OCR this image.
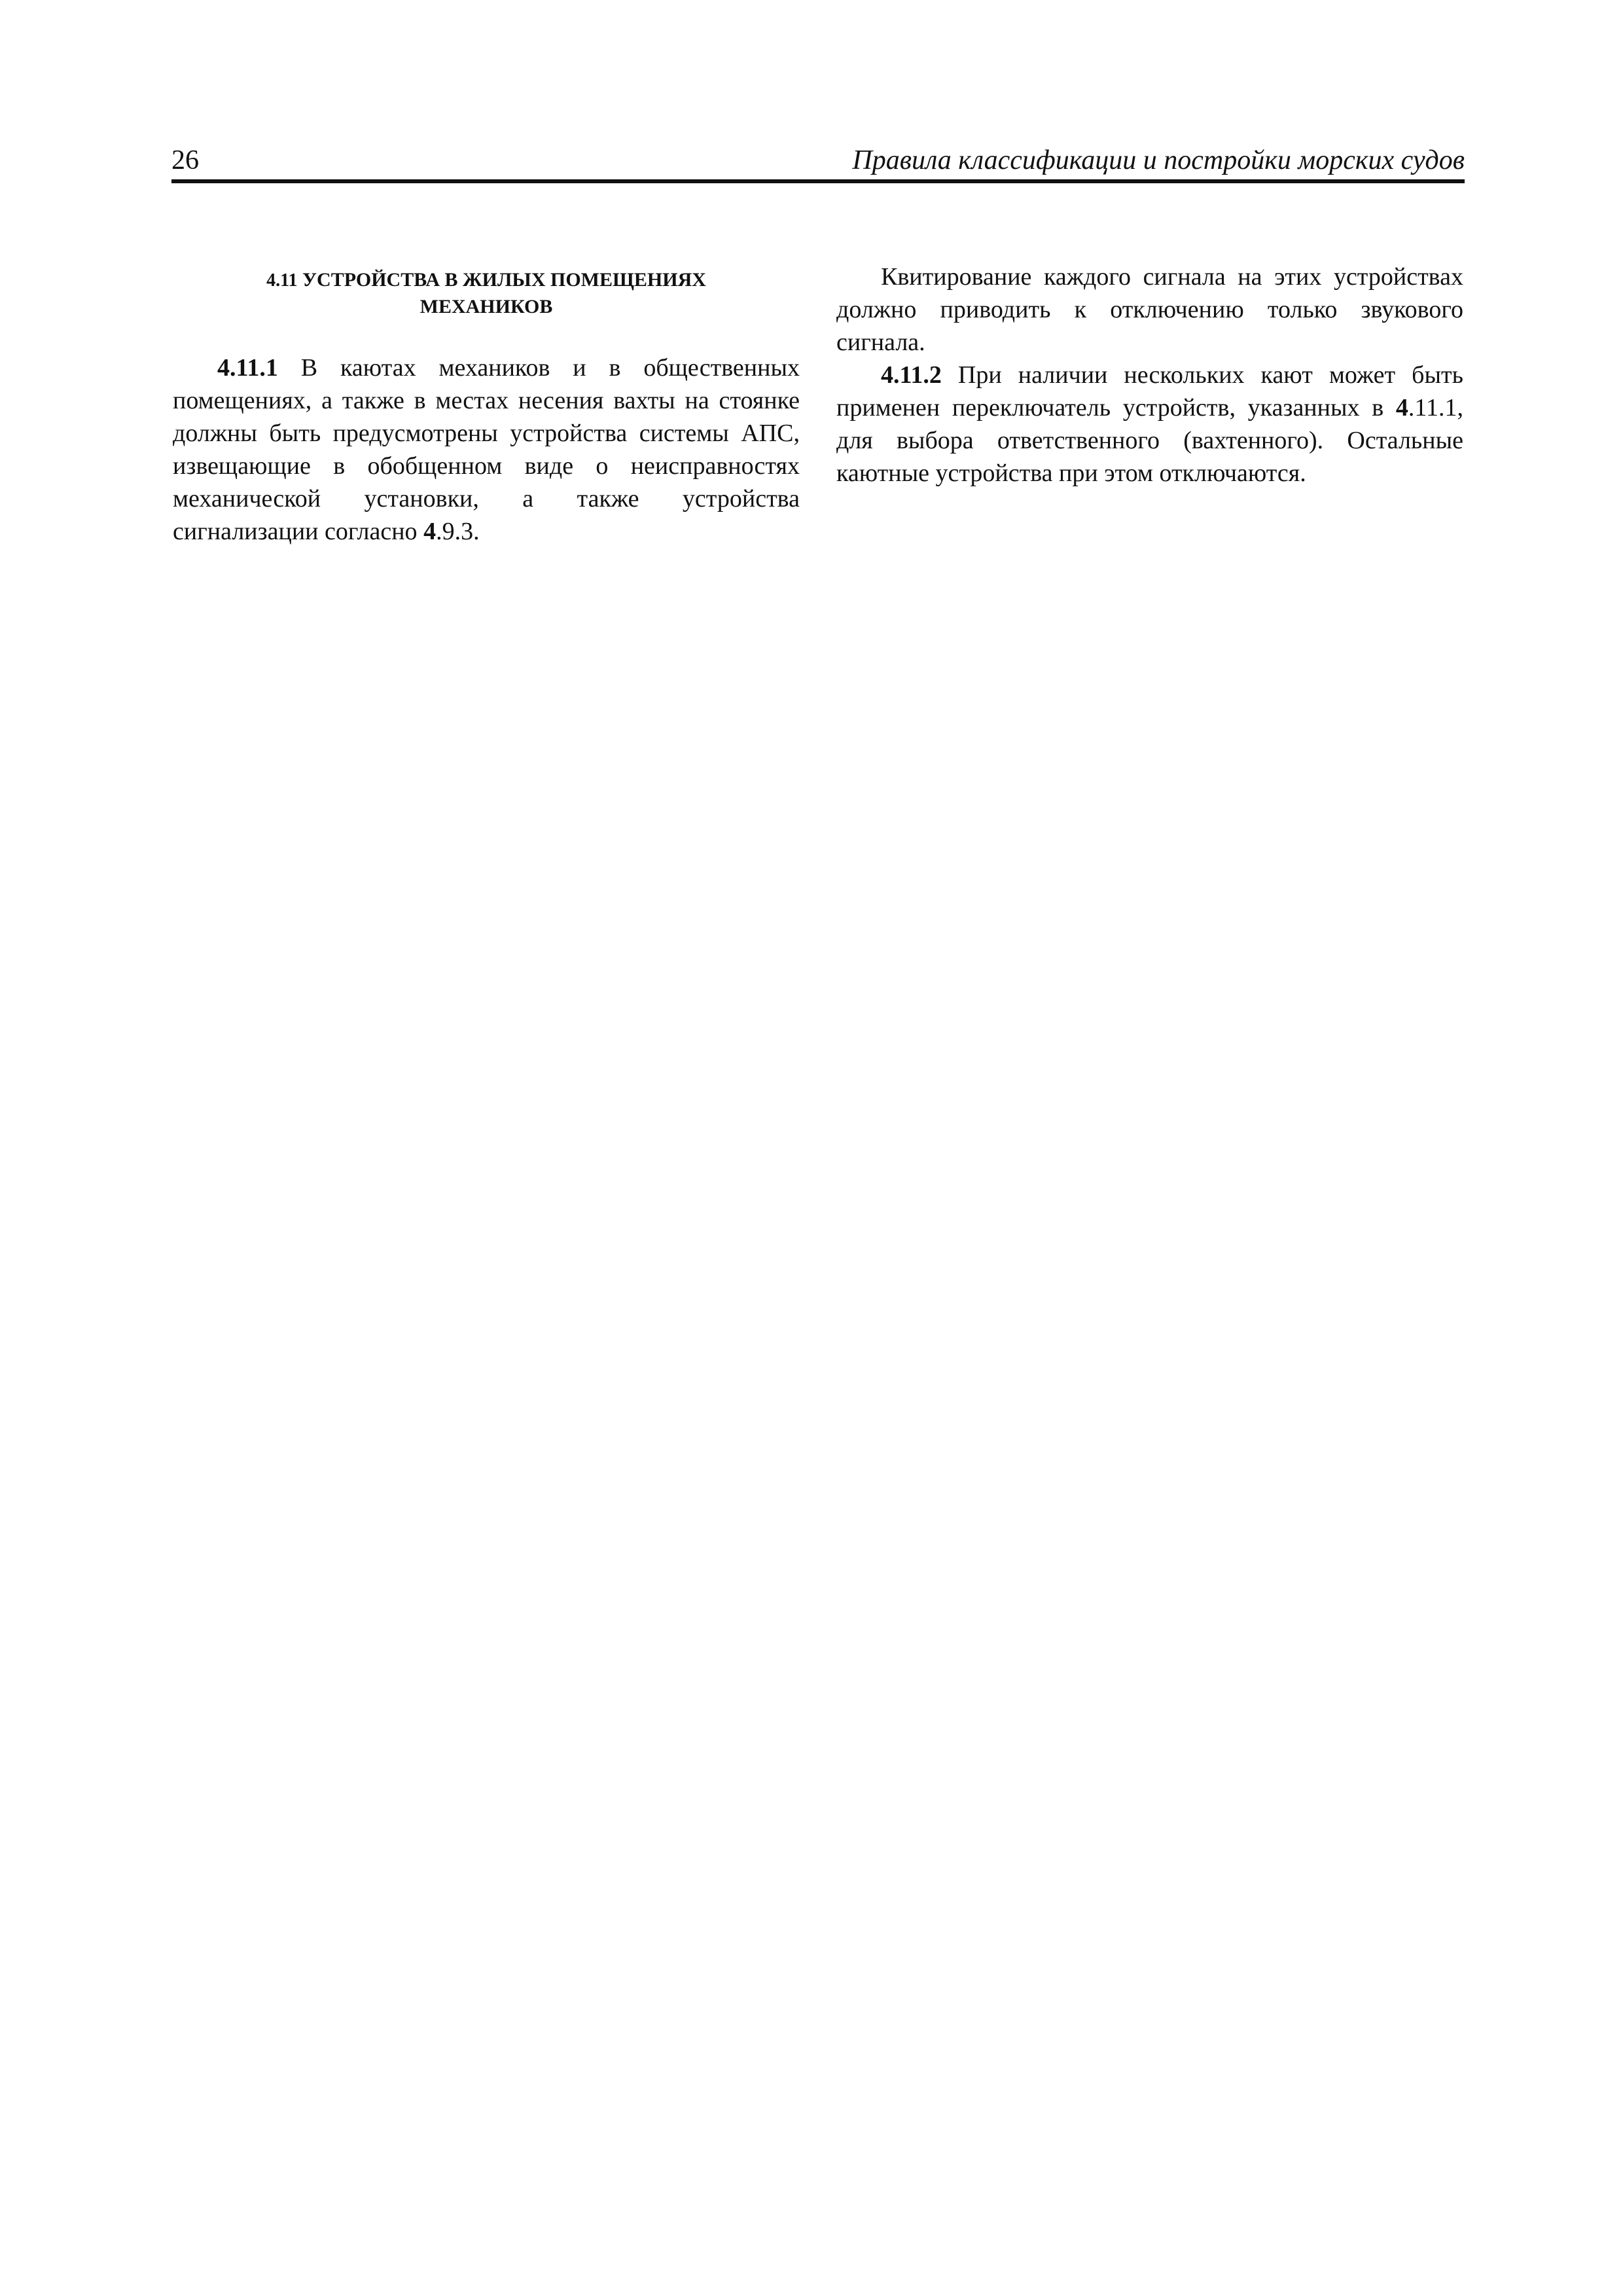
26	Правила классификации и постройки морских судов
4.11 УСТРОЙСТВА В ЖИЛЫХ ПОМЕЩЕНИЯХ
МЕХАНИКОВ

4.11.1 В каютах механиков и в общественных помещениях, а также в местах несения вахты на стоянке должны быть предусмотрены устройства системы АПС, извещающие в обобщенном виде о неисправностях механической установки, а также устройства сигнализации согласно 4.9.3.

Квитирование каждого сигнала на этих устройствах должно приводить к отключению только звукового сигнала.

4.11.2 При наличии нескольких кают может быть применен переключатель устройств, указанных в 4.11.1, для выбора ответственного (вахтенного). Остальные каютные устройства при этом отключаются.
